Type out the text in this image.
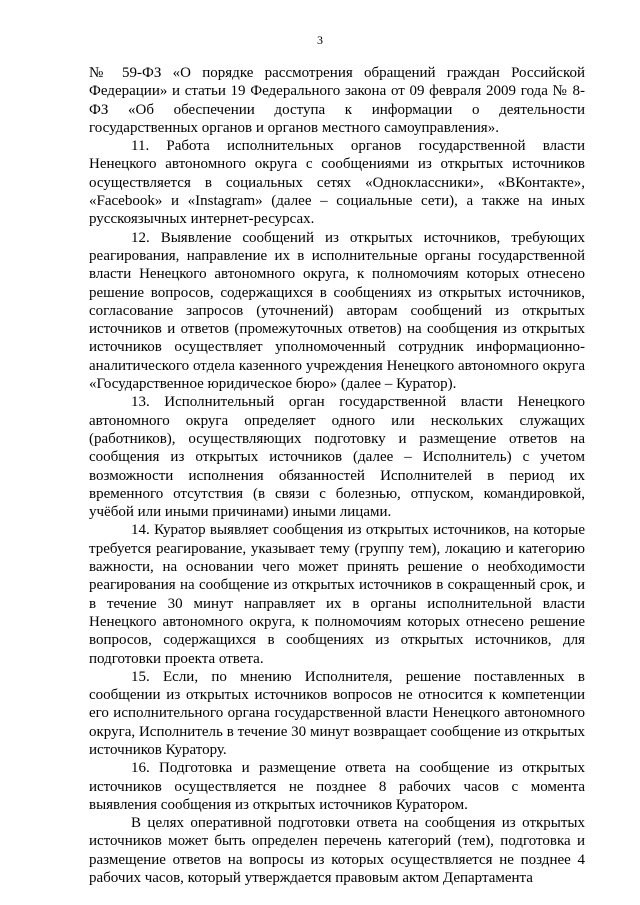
3

№ 59-ФЗ «О порядке рассмотрения обращений граждан Российской Федерации» и статьи 19 Федерального закона от 09 февраля 2009 года № 8-ФЗ «Об обеспечении доступа к информации о деятельности государственных органов и органов местного самоуправления».

11. Работа исполнительных органов государственной власти Ненецкого автономного округа с сообщениями из открытых источников осуществляется в социальных сетях «Одноклассники», «ВКонтакте», «Facebook» и «Instagram» (далее – социальные сети), а также на иных русскоязычных интернет-ресурсах.

12. Выявление сообщений из открытых источников, требующих реагирования, направление их в исполнительные органы государственной власти Ненецкого автономного округа, к полномочиям которых отнесено решение вопросов, содержащихся в сообщениях из открытых источников, согласование запросов (уточнений) авторам сообщений из открытых источников и ответов (промежуточных ответов) на сообщения из открытых источников осуществляет уполномоченный сотрудник информационно-аналитического отдела казенного учреждения Ненецкого автономного округа «Государственное юридическое бюро» (далее – Куратор).

13. Исполнительный орган государственной власти Ненецкого автономного округа определяет одного или нескольких служащих (работников), осуществляющих подготовку и размещение ответов на сообщения из открытых источников (далее – Исполнитель) с учетом возможности исполнения обязанностей Исполнителей в период их временного отсутствия (в связи с болезнью, отпуском, командировкой, учёбой или иными причинами) иными лицами.

14. Куратор выявляет сообщения из открытых источников, на которые требуется реагирование, указывает тему (группу тем), локацию и категорию важности, на основании чего может принять решение о необходимости реагирования на сообщение из открытых источников в сокращенный срок, и в течение 30 минут направляет их в органы исполнительной власти Ненецкого автономного округа, к полномочиям которых отнесено решение вопросов, содержащихся в сообщениях из открытых источников, для подготовки проекта ответа.

15. Если, по мнению Исполнителя, решение поставленных в сообщении из открытых источников вопросов не относится к компетенции его исполнительного органа государственной власти Ненецкого автономного округа, Исполнитель в течение 30 минут возвращает сообщение из открытых источников Куратору.

16. Подготовка и размещение ответа на сообщение из открытых источников осуществляется не позднее 8 рабочих часов с момента выявления сообщения из открытых источников Куратором.

В целях оперативной подготовки ответа на сообщения из открытых источников может быть определен перечень категорий (тем), подготовка и размещение ответов на вопросы из которых осуществляется не позднее 4 рабочих часов, который утверждается правовым актом Департамента
